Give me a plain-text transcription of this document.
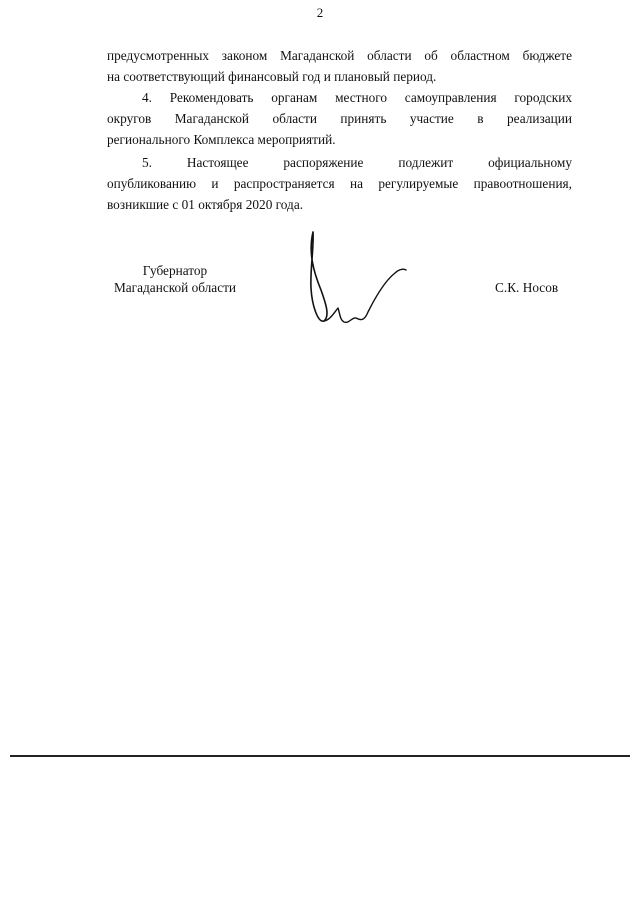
2

предусмотренных законом Магаданской области об областном бюджете

на соответствующий финансовый год и плановый период.

4. Рекомендовать органам местного самоуправления городских

округов Магаданской области принять участие в реализации

регионального Комплекса мероприятий.

5. Настоящее распоряжение подлежит официальному

опубликованию и распространяется на регулируемые правоотношения,

возникшие с 01 октября 2020 года.

Губернатор
Магаданской области	С.К. Носов
